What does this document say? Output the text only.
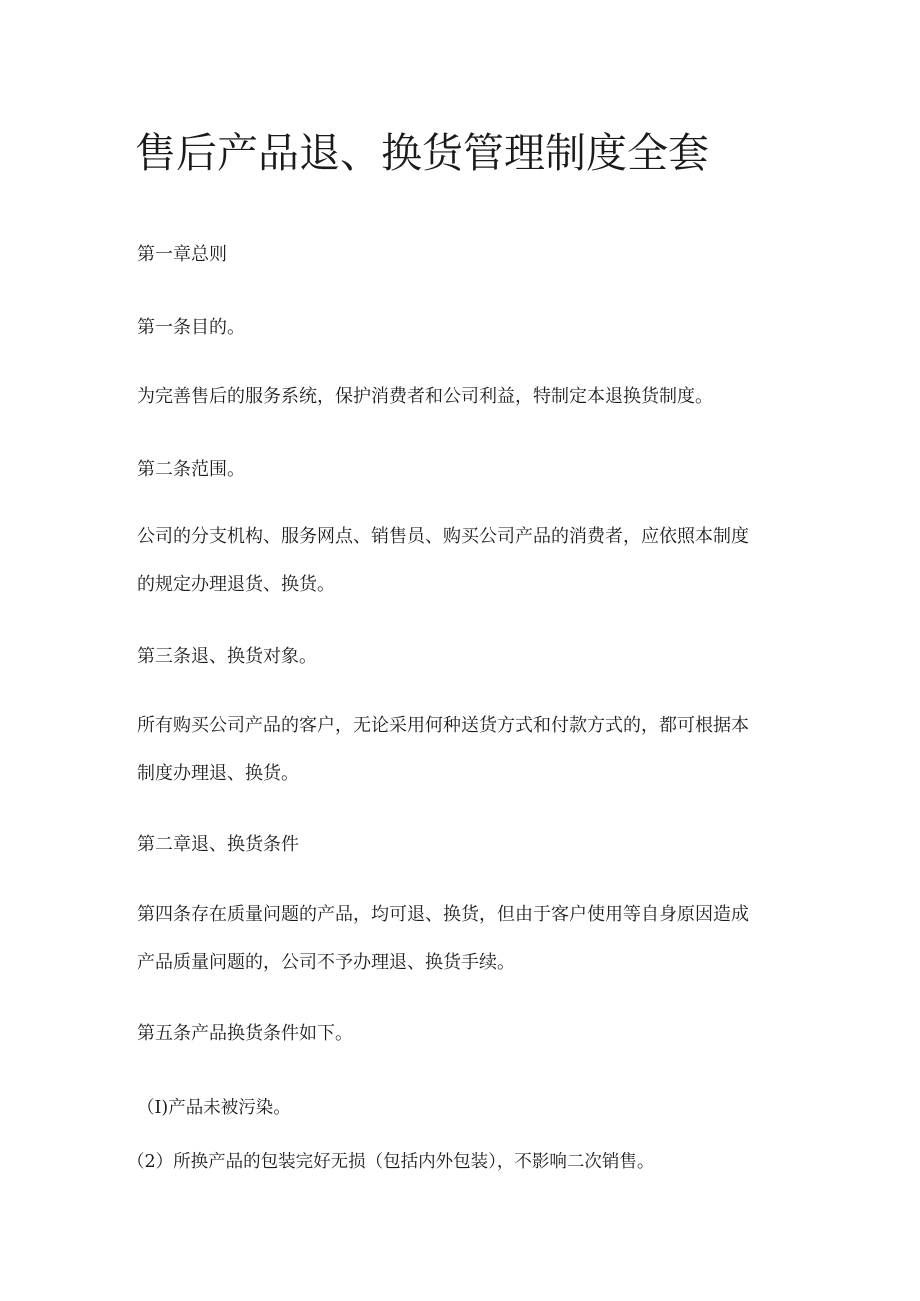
售后产品退、换货管理制度全套

第一章总则

第一条目的。

为完善售后的服务系统，保护消费者和公司利益，特制定本退换货制度。

第二条范围。

公司的分支机构、服务网点、销售员、购买公司产品的消费者，应依照本制度

的规定办理退货、换货。

第三条退、换货对象。

所有购买公司产品的客户，无论采用何种送货方式和付款方式的，都可根据本

制度办理退、换货。

第二章退、换货条件

第四条存在质量问题的产品，均可退、换货，但由于客户使用等自身原因造成

产品质量问题的，公司不予办理退、换货手续。

第五条产品换货条件如下。

（I)产品未被污染。

（2）所换产品的包装完好无损（包括内外包装），不影响二次销售。
